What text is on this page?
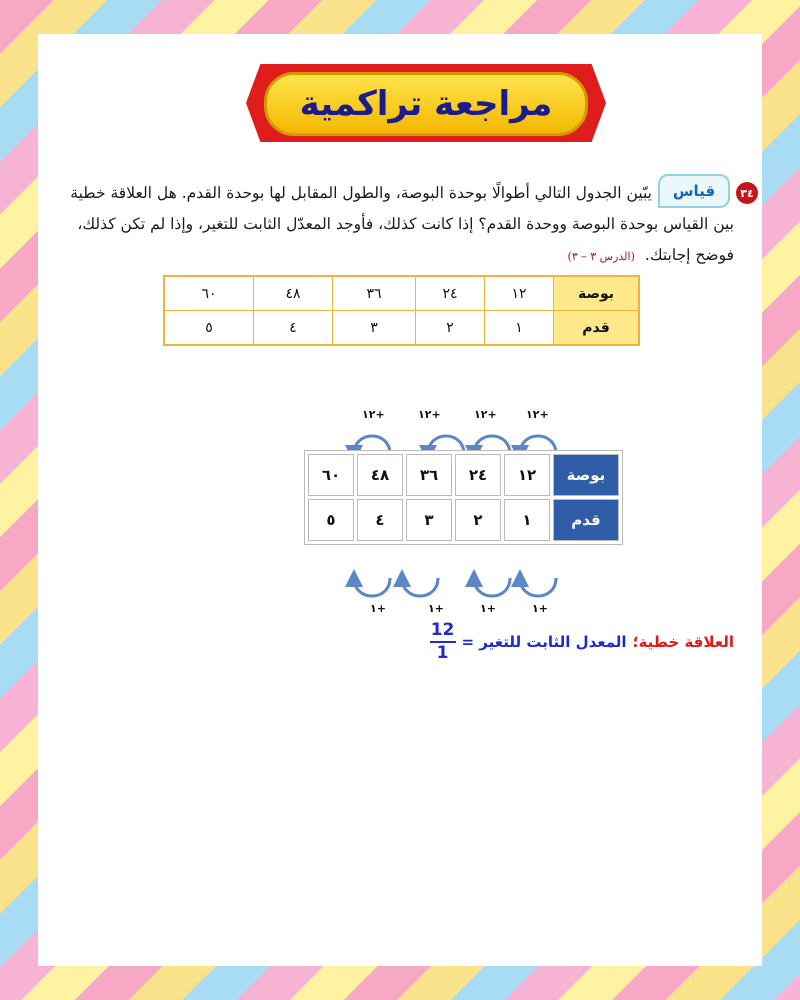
مراجعة تراكمية
٣٤
قياس
يبّين الجدول التالي أطوالًا بوحدة البوصة، والطول المقابل لها بوحدة القدم. هل العلاقة خطية
بين القياس بوحدة البوصة ووحدة القدم؟ إذا كانت كذلك، فأوجد المعدّل الثابت للتغير، وإذا لم تكن كذلك،
فوضح إجابتك.(الدرس ٣ – ٣)
بوصة	١٢	٢٤	٣٦	٤٨	٦٠
قدم	١	٢	٣	٤	٥
+١٢
+١٢
+١٢
+١٢
+١
+١
+١
+١
بوصة	١٢	٢٤	٣٦	٤٨	٦٠
قدم	١	٢	٣	٤	٥
العلاقة خطية؛
المعدل الثابت للتغير =
$\frac{12}{1}$
